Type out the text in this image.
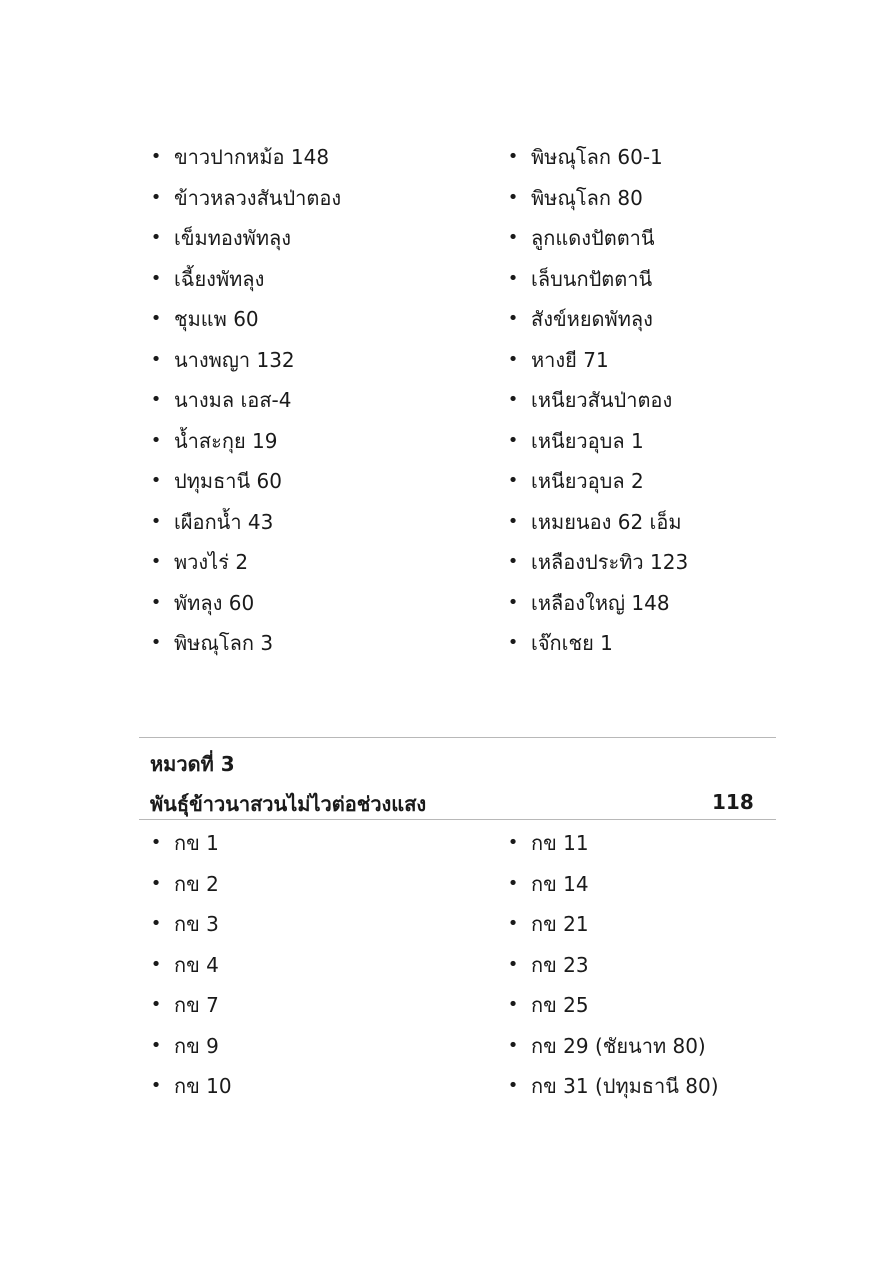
• ขาวปากหม้อ 148
• ข้าวหลวงสันป่าตอง
• เข็มทองพัทลุง
• เฉี้ยงพัทลุง
• ชุมแพ 60
• นางพญา 132
• นางมล เอส-4
• น้ำสะกุย 19
• ปทุมธานี 60
• เผือกน้ำ 43
• พวงไร่ 2
• พัทลุง 60
• พิษณุโลก 3
• พิษณุโลก 60-1
• พิษณุโลก 80
• ลูกแดงปัตตานี
• เล็บนกปัตตานี
• สังข์หยดพัทลุง
• หางยี 71
• เหนียวสันป่าตอง
• เหนียวอุบล 1
• เหนียวอุบล 2
• เหมยนอง 62 เอ็ม
• เหลืองประทิว 123
• เหลืองใหญ่ 148
• เจ๊กเชย 1
หมวดที่ 3
พันธุ์ข้าวนาสวนไม่ไวต่อช่วงแสง	118
• กข 1
• กข 2
• กข 3
• กข 4
• กข 7
• กข 9
• กข 10
• กข 11
• กข 14
• กข 21
• กข 23
• กข 25
• กข 29 (ชัยนาท 80)
• กข 31 (ปทุมธานี 80)
